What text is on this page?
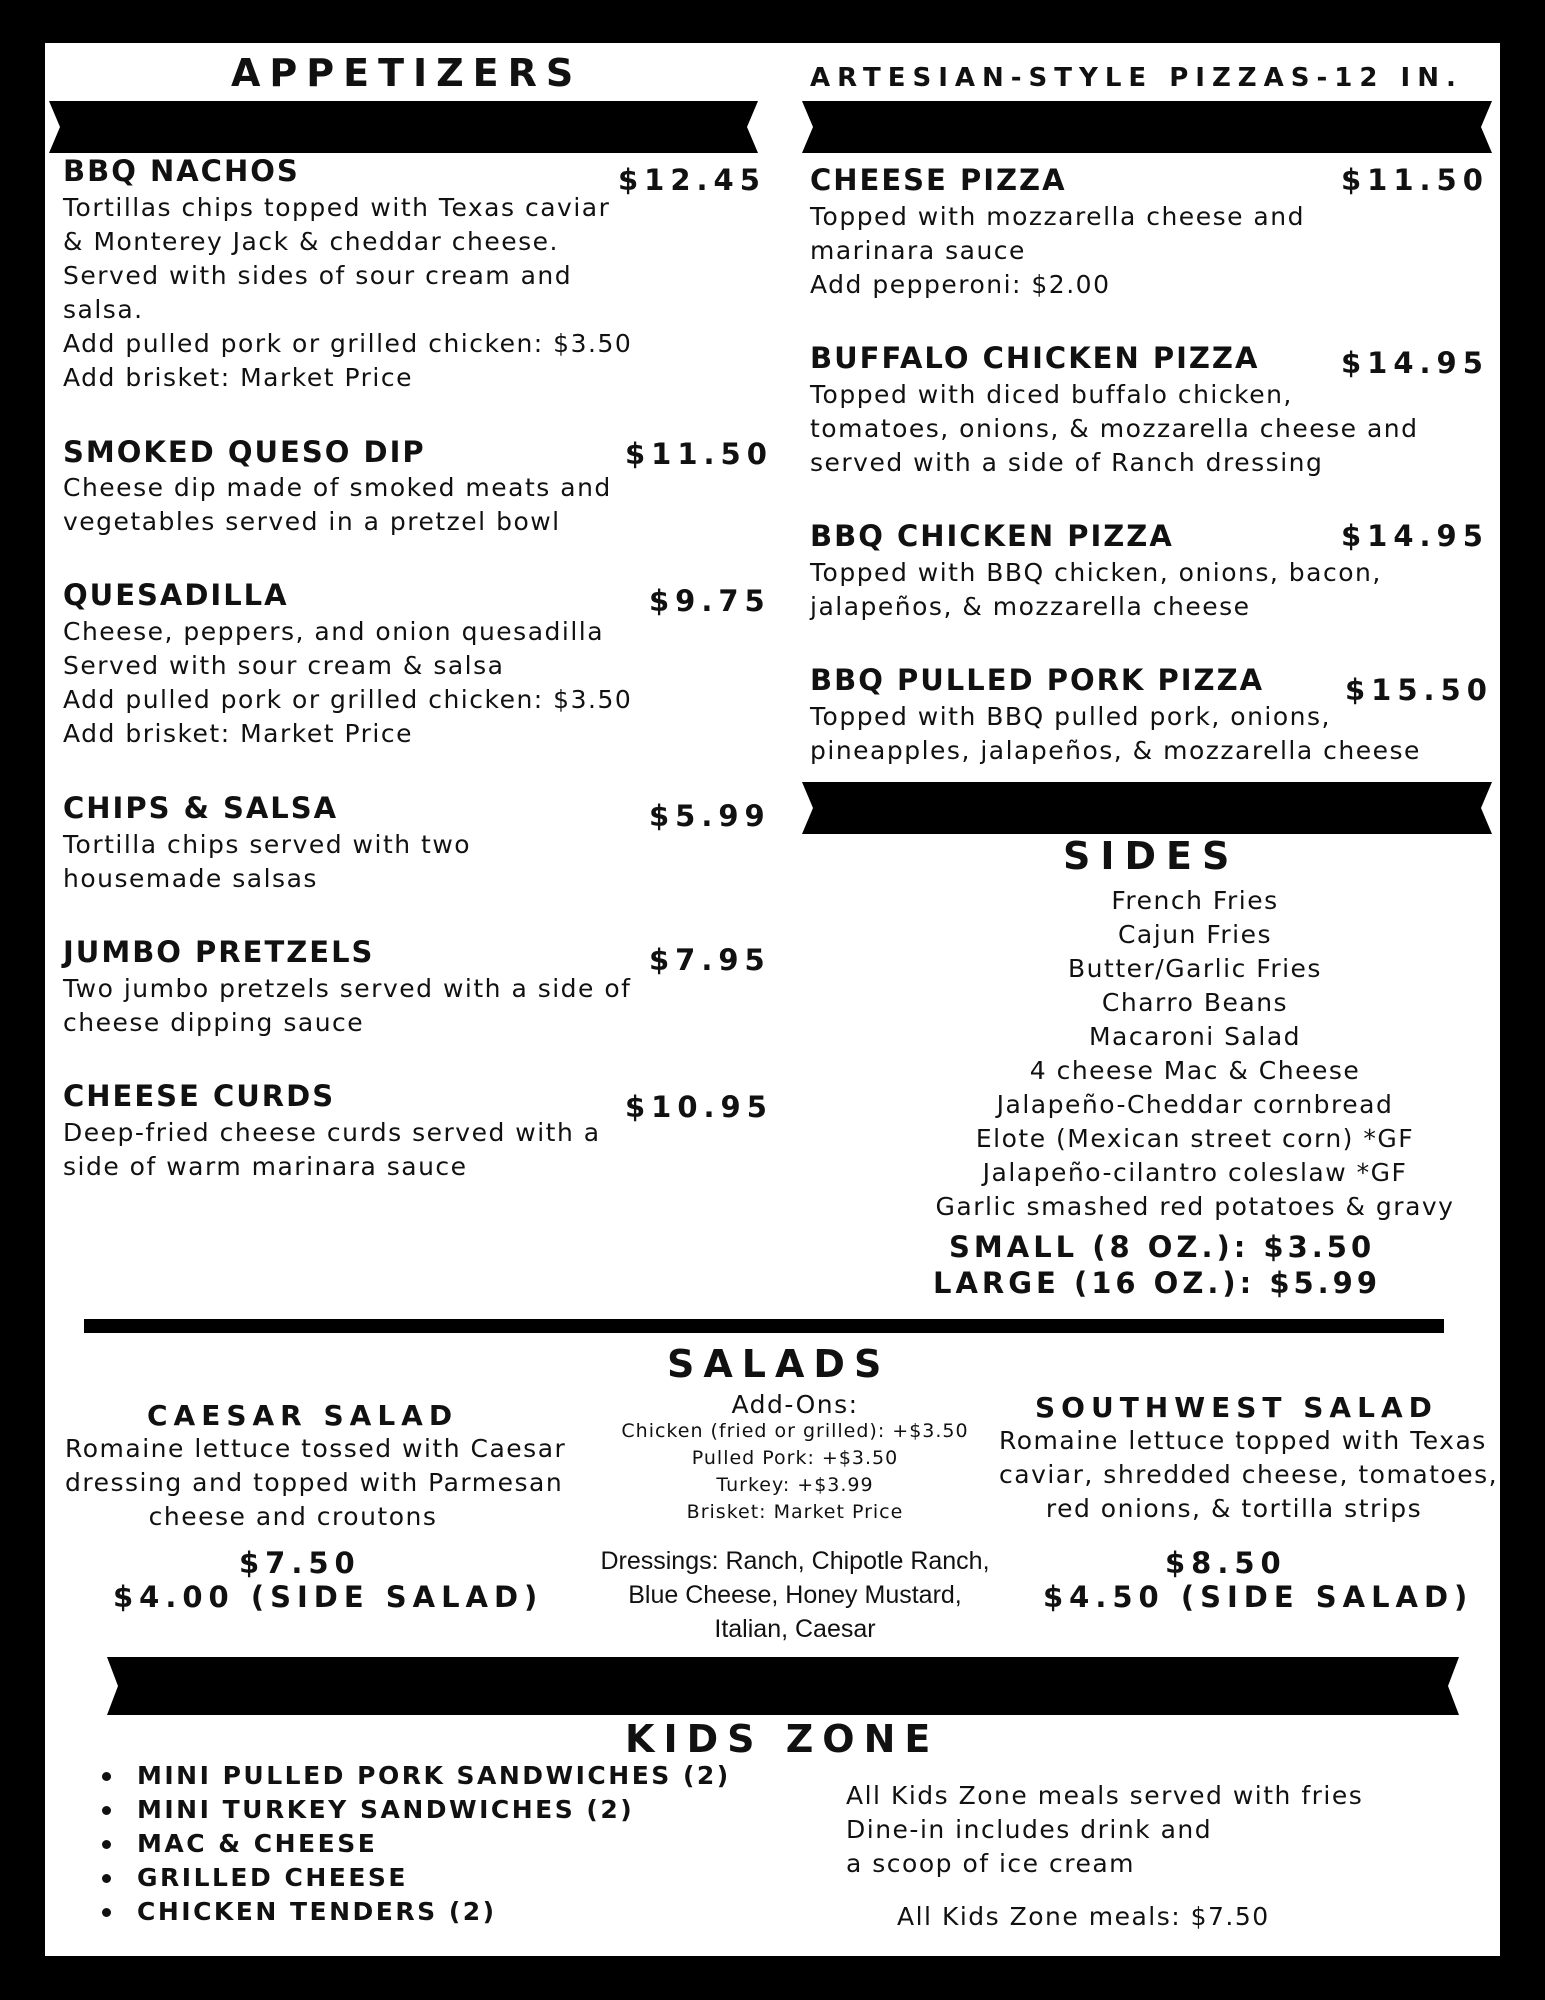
APPETIZERS
BBQ NACHOS	$12.45
Tortillas chips topped with Texas caviar
& Monterey Jack & cheddar cheese.
Served with sides of sour cream and
salsa.
Add pulled pork or grilled chicken: $3.50
Add brisket: Market Price
SMOKED QUESO DIP	$11.50
Cheese dip made of smoked meats and
vegetables served in a pretzel bowl
QUESADILLA	$9.75
Cheese, peppers, and onion quesadilla
Served with sour cream & salsa
Add pulled pork or grilled chicken: $3.50
Add brisket: Market Price
CHIPS & SALSA	$5.99
Tortilla chips served with two
housemade salsas
JUMBO PRETZELS	$7.95
Two jumbo pretzels served with a side of
cheese dipping sauce
CHEESE CURDS	$10.95
Deep-fried cheese curds served with a
side of warm marinara sauce
ARTESIAN-STYLE PIZZAS-12 IN.
CHEESE PIZZA	$11.50
Topped with mozzarella cheese and
marinara sauce
Add pepperoni: $2.00
BUFFALO CHICKEN PIZZA	$14.95
Topped with diced buffalo chicken,
tomatoes, onions, & mozzarella cheese and
served with a side of Ranch dressing
BBQ CHICKEN PIZZA	$14.95
Topped with BBQ chicken, onions, bacon,
jalapeños, & mozzarella cheese
BBQ PULLED PORK PIZZA	$15.50
Topped with BBQ pulled pork, onions,
pineapples, jalapeños, & mozzarella cheese
SIDES
French Fries
Cajun Fries
Butter/Garlic Fries
Charro Beans
Macaroni Salad
4 cheese Mac & Cheese
Jalapeño-Cheddar cornbread
Elote (Mexican street corn) *GF
Jalapeño-cilantro coleslaw *GF
Garlic smashed red potatoes & gravy
SMALL (8 OZ.): $3.50
LARGE (16 OZ.): $5.99
SALADS
CAESAR SALAD
Romaine lettuce tossed with Caesar
dressing and topped with Parmesan
cheese and croutons
$7.50
$4.00 (SIDE SALAD)
Add-Ons:
Chicken (fried or grilled): +$3.50
Pulled Pork: +$3.50
Turkey: +$3.99
Brisket: Market Price
Dressings: Ranch, Chipotle Ranch,
Blue Cheese, Honey Mustard,
Italian, Caesar
SOUTHWEST SALAD
Romaine lettuce topped with Texas
caviar, shredded cheese, tomatoes,
red onions, & tortilla strips
$8.50
$4.50 (SIDE SALAD)
KIDS ZONE
MINI PULLED PORK SANDWICHES (2)
MINI TURKEY SANDWICHES (2)
MAC & CHEESE
GRILLED CHEESE
CHICKEN TENDERS (2)
All Kids Zone meals served with fries
Dine-in includes drink and
a scoop of ice cream
All Kids Zone meals: $7.50
